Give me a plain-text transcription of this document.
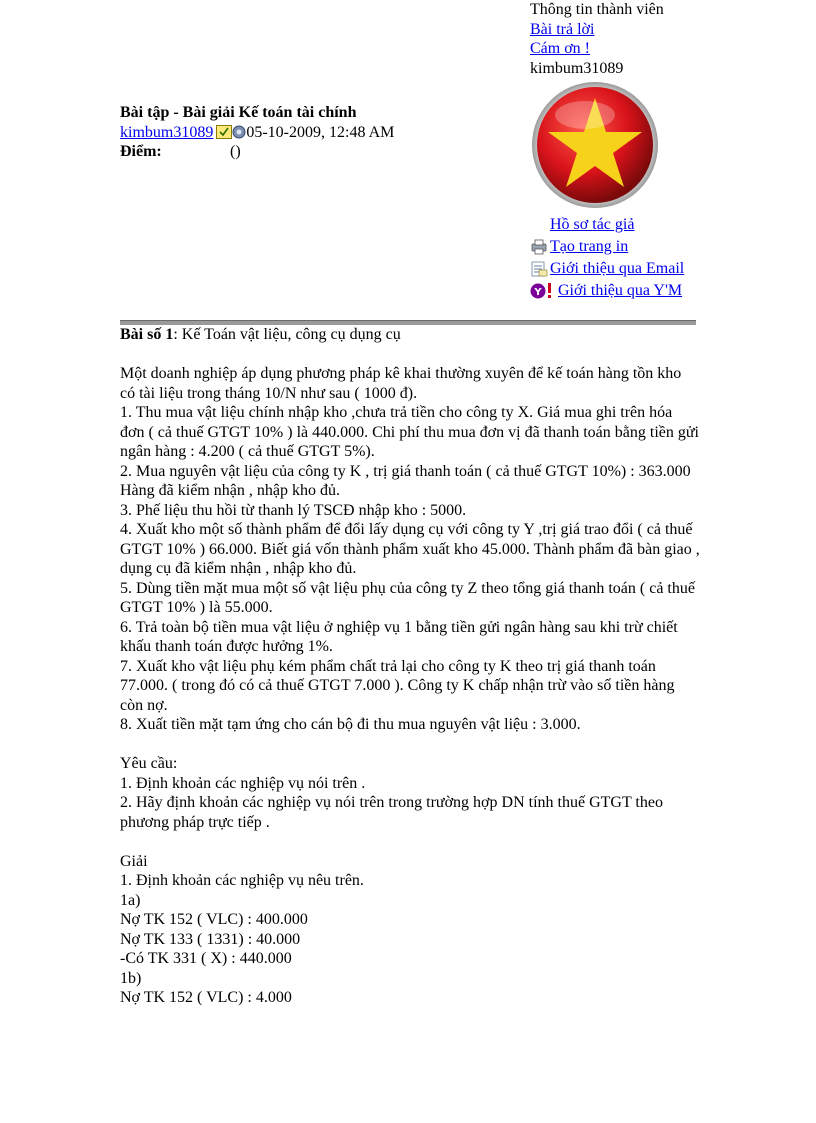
Thông tin thành viên
Bài trả lời
Cám ơn !
kimbum31089
Hồ sơ tác giả
Tạo trang in
Giới thiệu qua Email
Y Giới thiệu qua Y'M
Bài tập - Bài giải Kế toán tài chính
kimbum31089 05-10-2009, 12:48 AM
Điểm:	()

Bài số 1: Kế Toán vật liệu, công cụ dụng cụ

Một doanh nghiệp áp dụng phương pháp kê khai thường xuyên để kế toán hàng tồn kho có tài liệu trong tháng 10/N như sau ( 1000 đ).

1. Thu mua vật liệu chính nhập kho ,chưa trả tiền cho công ty X. Giá mua ghi trên hóa đơn ( cả thuế GTGT 10% ) là 440.000. Chi phí thu mua đơn vị đã thanh toán bằng tiền gửi ngân hàng : 4.200 ( cả thuế GTGT 5%).

2. Mua nguyên vật liệu của công ty K , trị giá thanh toán ( cả thuế GTGT 10%) : 363.000 Hàng đã kiểm nhận , nhập kho đủ.

3. Phế liệu thu hồi từ thanh lý TSCĐ nhập kho : 5000.

4. Xuất kho một số thành phẩm để đổi lấy dụng cụ với công ty Y ,trị giá trao đổi ( cả thuế GTGT 10% ) 66.000. Biết giá vốn thành phẩm xuất kho 45.000. Thành phẩm đã bàn giao , dụng cụ đã kiểm nhận , nhập kho đủ.

5. Dùng tiền mặt mua một số vật liệu phụ của công ty Z theo tổng giá thanh toán ( cả thuế GTGT 10% ) là 55.000.

6. Trả toàn bộ tiền mua vật liệu ở nghiệp vụ 1 bằng tiền gửi ngân hàng sau khi trừ chiết khấu thanh toán được hưởng 1%.

7. Xuất kho vật liệu phụ kém phẩm chất trả lại cho công ty K theo trị giá thanh toán 77.000. ( trong đó có cả thuế GTGT 7.000 ). Công ty K chấp nhận trừ vào số tiền hàng còn nợ.

8. Xuất tiền mặt tạm ứng cho cán bộ đi thu mua nguyên vật liệu : 3.000.

Yêu cầu:

1. Định khoản các nghiệp vụ nói trên .

2. Hãy định khoản các nghiệp vụ nói trên trong trường hợp DN tính thuế GTGT theo phương pháp trực tiếp .

Giải

1. Định khoản các nghiệp vụ nêu trên.

1a)

Nợ TK 152 ( VLC) : 400.000

Nợ TK 133 ( 1331) : 40.000

-Có TK 331 ( X) : 440.000

1b)

Nợ TK 152 ( VLC) : 4.000
